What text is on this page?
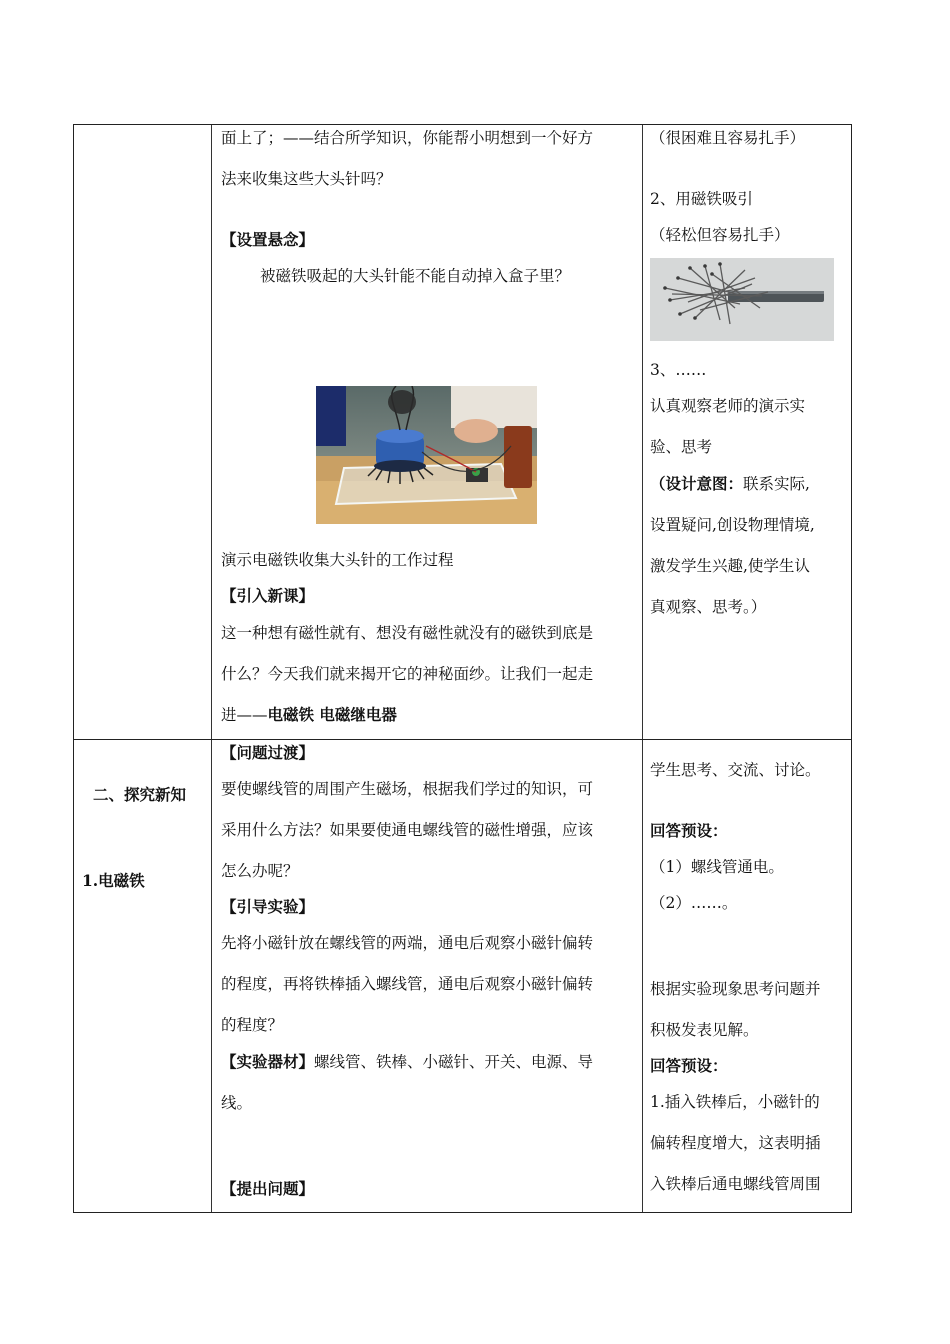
面上了；——结合所学知识，你能帮小明想到一个好方
法来收集这些大头针吗？
【设置悬念】
被磁铁吸起的大头针能不能自动掉入盒子里？
演示电磁铁收集大头针的工作过程
【引入新课】
这一种想有磁性就有、想没有磁性就没有的磁铁到底是
什么？今天我们就来揭开它的神秘面纱。让我们一起走
进——电磁铁 电磁继电器
（很困难且容易扎手）
2、用磁铁吸引
（轻松但容易扎手）
3、……
认真观察老师的演示实
验、思考
（设计意图：联系实际,
设置疑问,创设物理情境,
激发学生兴趣,使学生认
真观察、思考。）
二、探究新知
1.电磁铁
【问题过渡】
要使螺线管的周围产生磁场，根据我们学过的知识，可
采用什么方法？如果要使通电螺线管的磁性增强，应该
怎么办呢？
【引导实验】
先将小磁针放在螺线管的两端，通电后观察小磁针偏转
的程度，再将铁棒插入螺线管，通电后观察小磁针偏转
的程度？
【实验器材】螺线管、铁棒、小磁针、开关、电源、导
线。
【提出问题】
学生思考、交流、讨论。
回答预设：
（1）螺线管通电。
（2）……。
根据实验现象思考问题并
积极发表见解。
回答预设：
1.插入铁棒后，小磁针的
偏转程度增大，这表明插
入铁棒后通电螺线管周围
